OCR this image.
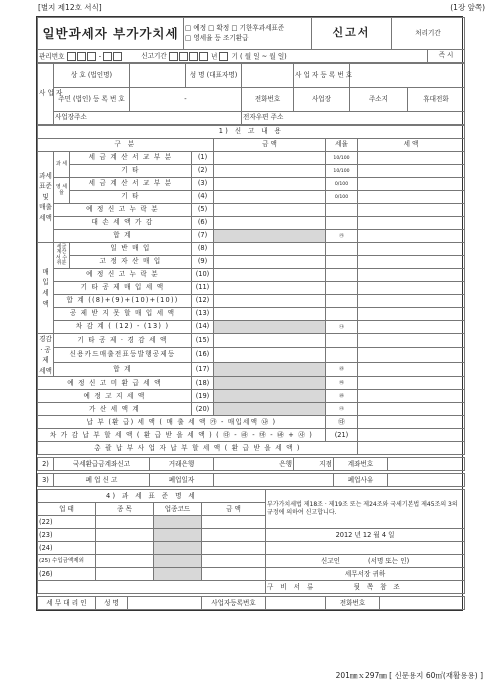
[별지 제12호 서식]	(1장 앞쪽)
일반과세자 부가가치세	□ 예정 □ 확정 □ 기한후과세표준
□ 영세율 등 조기환급	신고서	처리기간	
관리번호 - 신고기간 년 기 ( 월 일 ~ 월 일)				즉 시
사 업 자	상 호 (법인명)		성 명 (대표자명)		사 업 자 등 록 번 호		
	주민 (법인) 등 록 번 호	-		전화번호	사업장	주소지	휴대전화
	사업장주소			전자우편 주소			
1) 신 고 내 용						
구 분				금 액	세율	세 액
과세표준 및 매출세액	과 세	세 금 계 산 서 교 부 분	(1)		10/100	
		기 타	(2)		10/100	
	영 세 율	세 금 계 산 서 교 부 분	(3)		0/100	
		기 타	(4)		0/100	
	예 정 신 고 누 락 분		(5)			
	대 손 세 액 가 감		(6)			
	합 계		(7)		㉮	
매 입 세 액	세금계산서 수취분	일 반 매 입	(8)			
		고 정 자 산 매 입	(9)			
	예 정 신 고 누 락 분		(10)			
	기 타 공 제 매 입 세 액		(11)			
	합 계 ((8)+(9)+(10)+(10))		(12)			
	공 제 받 지 못 할 매 입 세 액		(13)			
	차 감 계 ( (12) - (13) )		(14)		㉯	
경감 · 공제 세액	기 타 공 제 · 경 감 세 액		(15)			
	신용카드매출전표등발행공제등		(16)			
	합 계		(17)		㉱	
예 정 신 고 미 환 급 세 액			(18)		㉲	
예 정 고 지 세 액			(19)		㉳	
가 산 세 액 계			(20)		㉴	
납 부 (환 급) 세 액 ( 매 출 세 액 ㉮ - 매입세액 ㉯ )					㉰	
차 가 감 납 부 할 세 액 ( 환 급 받 을 세 액 ) ( ㉰ - ㉱ - ㉲ - ㉳ + ㉴ )					(21)	
총 괄 납 부 사 업 자 납 부 할 세 액 ( 환 급 받 을 세 액 )						
2)	국세환급금계좌신고	거래은행	은행	지점	계좌번호	
3)	폐 업 신 고	폐업일자		폐업사유	
4) 과 세 표 준 명 세				부가가치세법 제18조 · 제19조 또는 제24조와 국세기본법 제45조의 3의 규정에 의하여 신고합니다.
업 태	종 목	업종코드	금 액	
(22)				
(23)				2012 년 12 월 4 일
(24)				
(25) 수입금액제외				신고인 (서명 또는 인)
(26)				세무서장 귀하
				구 비 서 류 뒷 쪽 참 조
세 무 대 리 인	성 명		사업자등록번호		전화번호	
201㎜ｘ297㎜ [ 신문용지 60㎡(재활용용) ]
